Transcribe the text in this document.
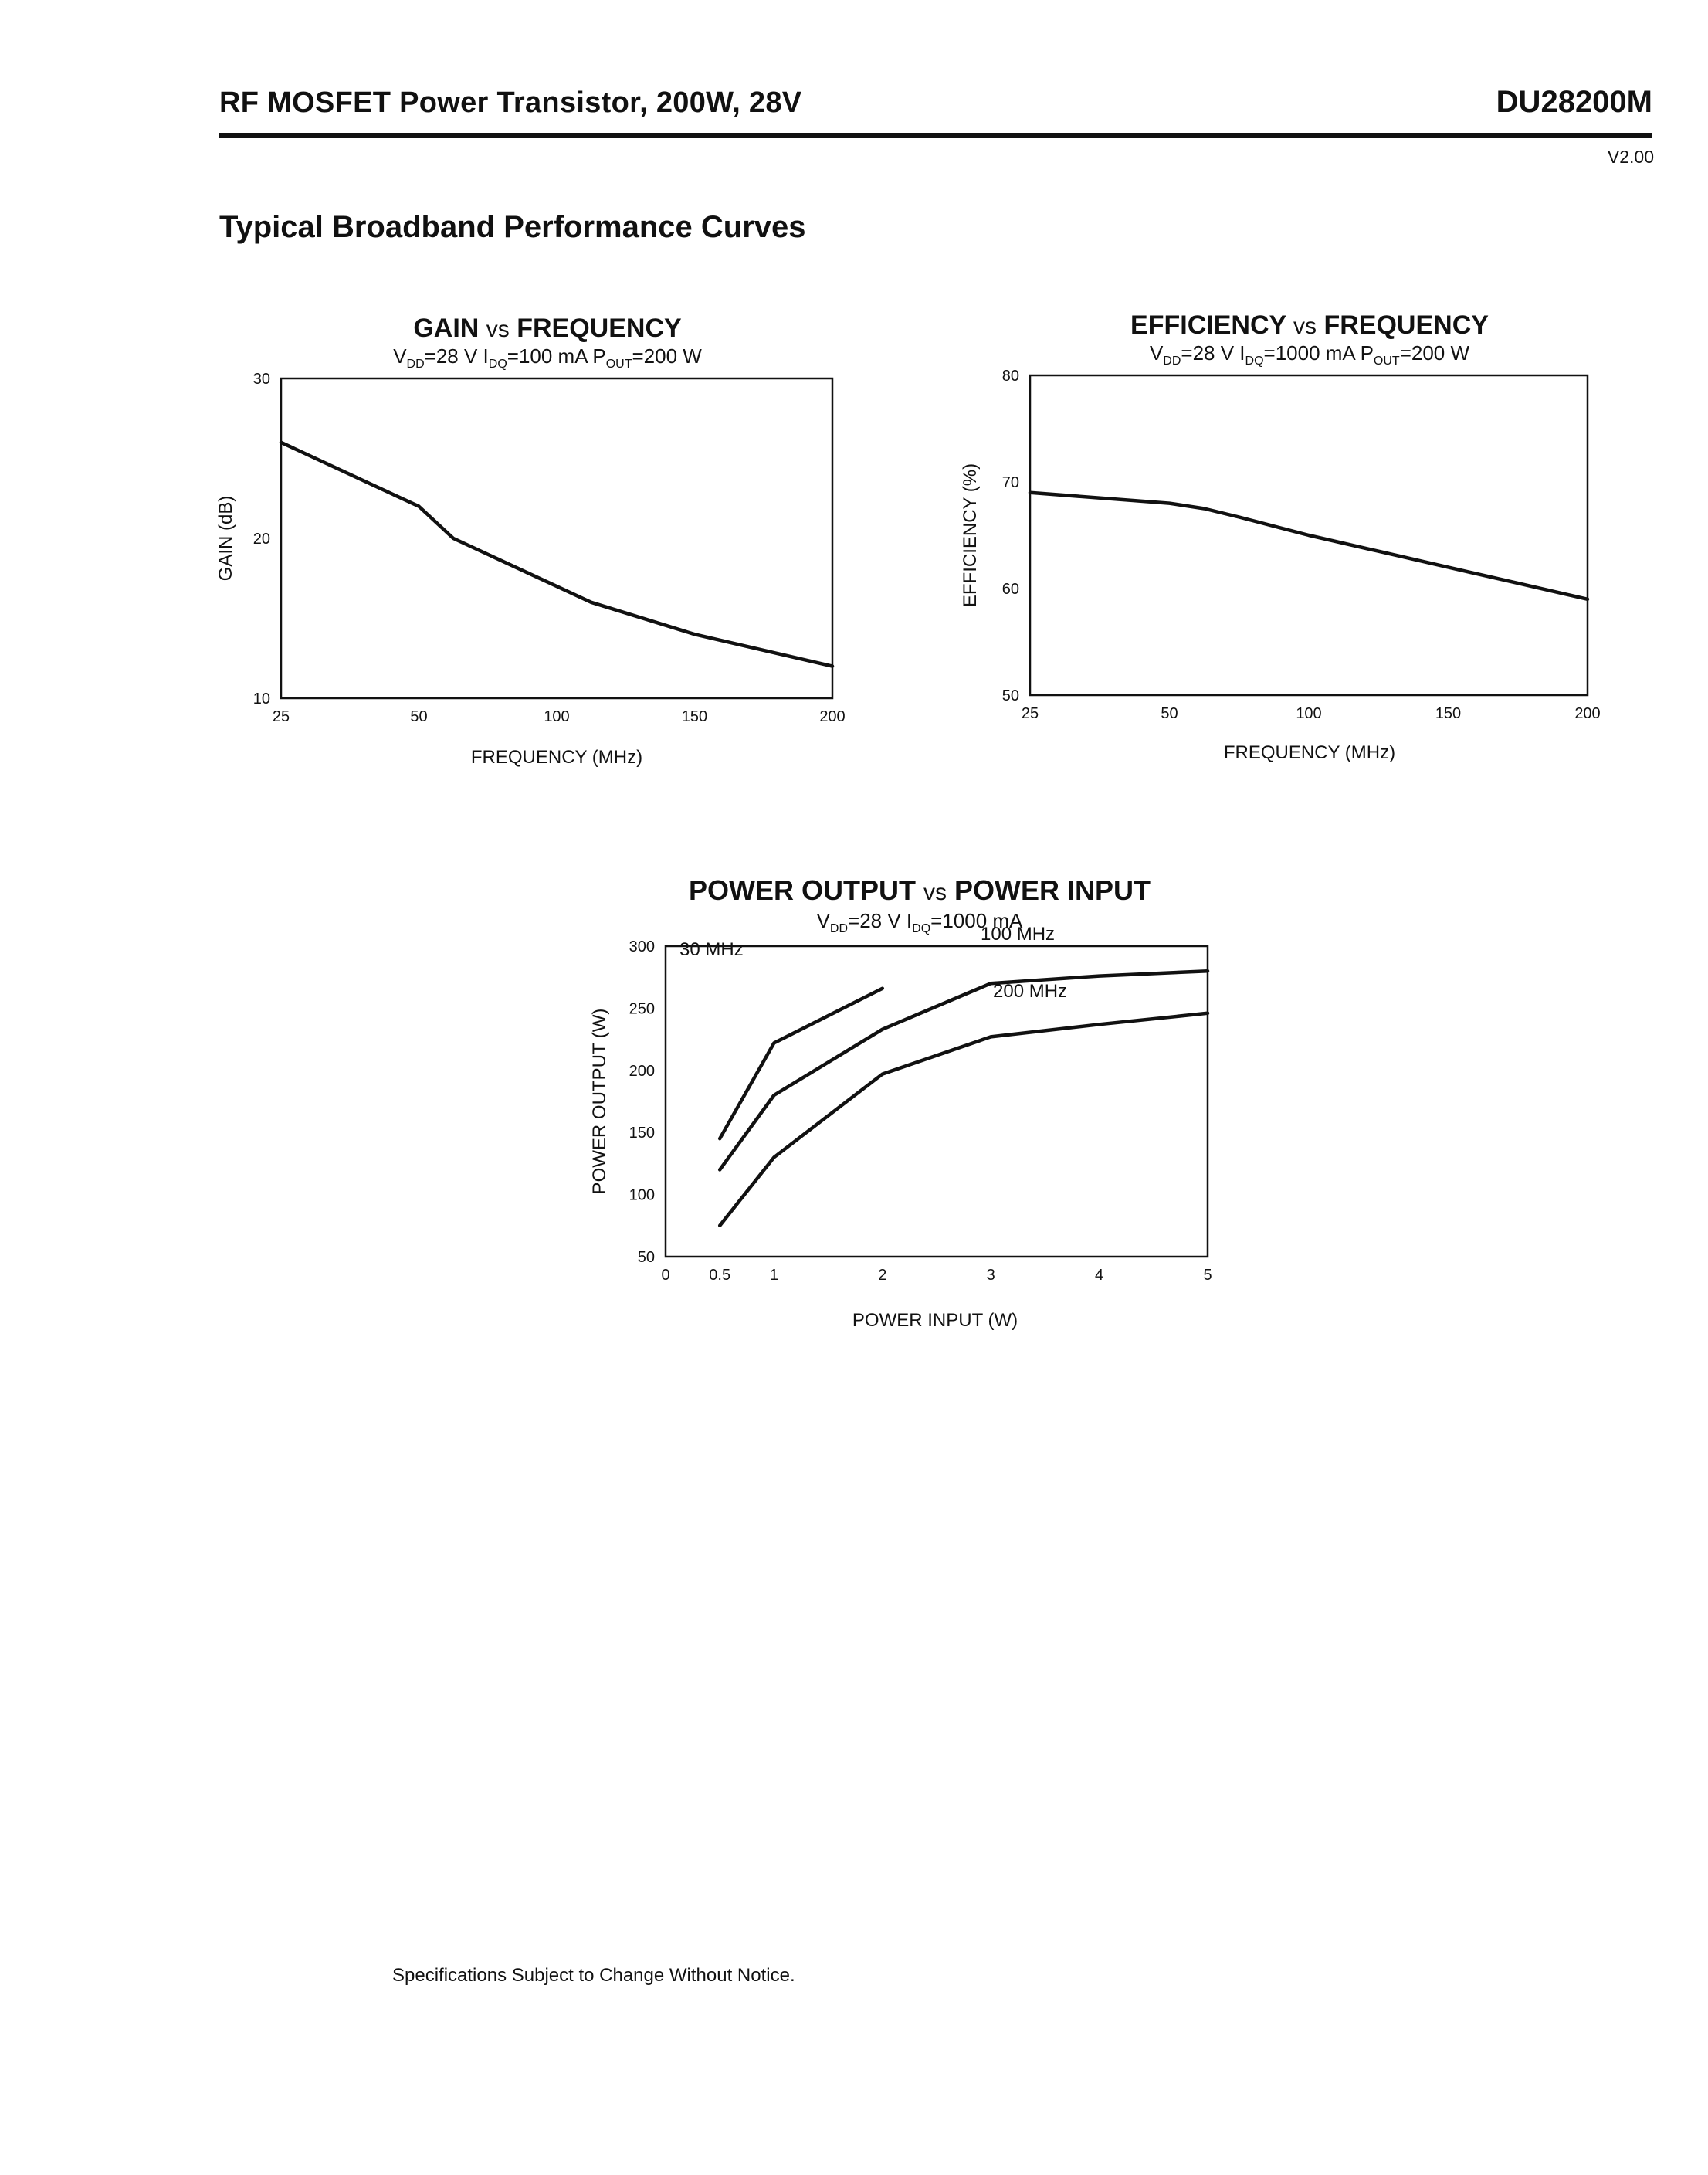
RF MOSFET Power Transistor, 200W, 28V	DU28200M
V2.00
Typical Broadband Performance Curves
GAIN vs FREQUENCY
$V_{DD}=28$ V $I_{DQ}=100$ mA $P_{OUT}=200$ W
10
20
30
25	50	100	150	200
FREQUENCY (MHz)
GAIN (dB)
EFFICIENCY vs FREQUENCY
$V_{DD}=28$ V $I_{DQ}=1000$ mA $P_{OUT}=200$ W
50
60
70
80
25	50	100	150	200
FREQUENCY (MHz)
EFFICIENCY (%)
POWER OUTPUT vs POWER INPUT
$V_{DD}=28$ V $I_{DQ}=1000$ mA
50
100
150
200
250
300
0	0.5	1	2	3	4	5
30 MHz
100 MHz
200 MHz
POWER INPUT (W)
POWER OUTPUT (W)
Specifications Subject to Change Without Notice.
